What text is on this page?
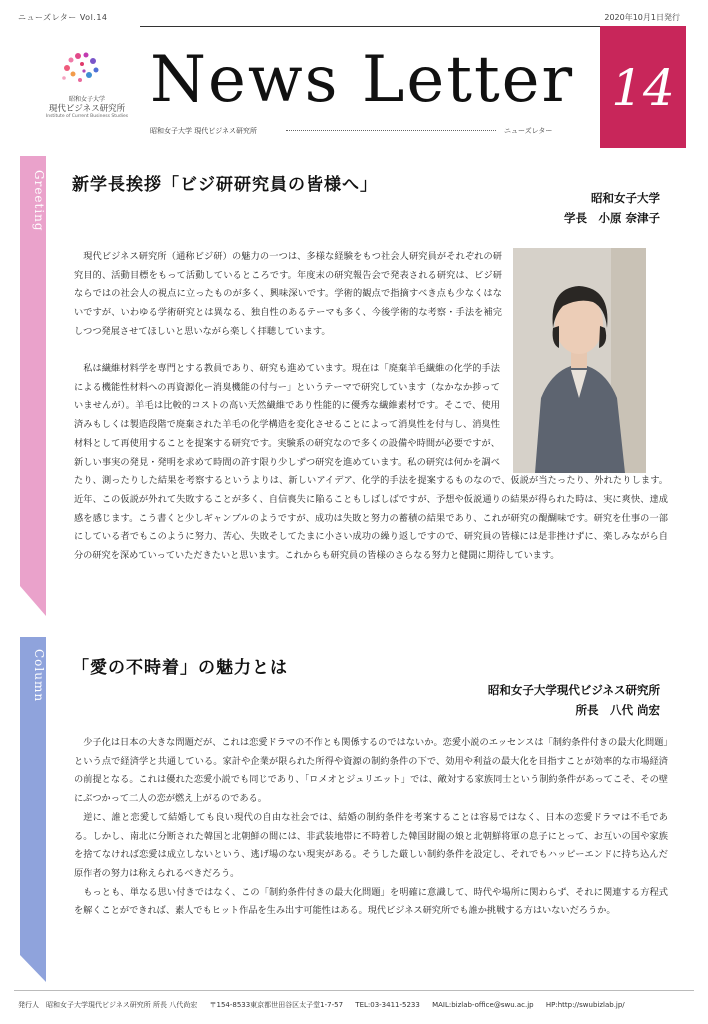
ニューズレター Vol.14	2020年10月1日発行
昭和女子大学
現代ビジネス研究所
Institute of Current Business Studies News Letter
昭和女子大学 現代ビジネス研究所	ニューズレター
14
Greeting 新学長挨拶「ビジ研研究員の皆様へ」
昭和女子大学
学長　小原 奈津子

現代ビジネス研究所（通称ビジ研）の魅力の一つは、多様な経験をもつ社会人研究員がそれぞれの研究目的、活動目標をもって活動しているところです。年度末の研究報告会で発表される研究は、ビジ研ならではの社会人の視点に立ったものが多く、興味深いです。学術的観点で指摘すべき点も少なくはないですが、いわゆる学術研究とは異なる、独自性のあるテーマも多く、今後学術的な考察・手法を補完しつつ発展させてほしいと思いながら楽しく拝聴しています。

私は繊維材料学を専門とする教員であり、研究も進めています。現在は「廃棄羊毛繊維の化学的手法による機能性材料への再資源化ー消臭機能の付与ー」というテーマで研究しています（なかなか捗っていませんが）。羊毛は比較的コストの高い天然繊維であり性能的に優秀な繊維素材です。そこで、使用済みもしくは製造段階で廃棄された羊毛の化学構造を変化させることによって消臭性を付与し、消臭性材料として再使用することを提案する研究です。実験系の研究なので多くの設備や時間が必要ですが、新しい事実の発見・発明を求めて時間の許す限り少しずつ研究を進めています。私の研究は何かを調べたり、測ったりした結果を考察するというよりは、新しいアイデア、化学的手法を提案するものなので、仮説が当たったり、外れたりします。近年、この仮説が外れて失敗することが多く、自信喪失に陥ることもしばしばですが、予想や仮説通りの結果が得られた時は、実に爽快、達成感を感じます。こう書くと少しギャンブルのようですが、成功は失敗と努力の蓄積の結果であり、これが研究の醍醐味です。研究を仕事の一部にしている者でもこのように努力、苦心、失敗そしてたまに小さい成功の繰り返しですので、研究員の皆様には是非挫けずに、楽しみながら自分の研究を深めていっていただきたいと思います。これからも研究員の皆様のさらなる努力と健闘に期待しています。

Column 「愛の不時着」の魅力とは
昭和女子大学現代ビジネス研究所
所長　八代 尚宏

少子化は日本の大きな問題だが、これは恋愛ドラマの不作とも関係するのではないか。恋愛小説のエッセンスは「制約条件付きの最大化問題」という点で経済学と共通している。家計や企業が限られた所得や資源の制約条件の下で、効用や利益の最大化を目指すことが効率的な市場経済の前提となる。これは優れた恋愛小説でも同じであり、「ロメオとジュリエット」では、敵対する家族同士という制約条件があってこそ、その壁にぶつかって二人の恋が燃え上がるのである。

逆に、誰と恋愛して結婚しても良い現代の自由な社会では、結婚の制約条件を考案することは容易ではなく、日本の恋愛ドラマは不毛である。しかし、南北に分断された韓国と北朝鮮の間には、非武装地帯に不時着した韓国財閥の娘と北朝鮮将軍の息子にとって、お互いの国や家族を捨てなければ恋愛は成立しないという、逃げ場のない現実がある。そうした厳しい制約条件を設定し、それでもハッピーエンドに持ち込んだ原作者の努力は称えられるべきだろう。

もっとも、単なる思い付きではなく、この「制約条件付きの最大化問題」を明確に意識して、時代や場所に関わらず、それに関連する方程式を解くことができれば、素人でもヒット作品を生み出す可能性はある。現代ビジネス研究所でも誰か挑戦する方はいないだろうか。

発行人　昭和女子大学現代ビジネス研究所 所長 八代尚宏 〒154-8533東京都世田谷区太子堂1-7-57 TEL:03-3411-5233 MAIL:bizlab-office@swu.ac.jp HP:http://swubizlab.jp/
